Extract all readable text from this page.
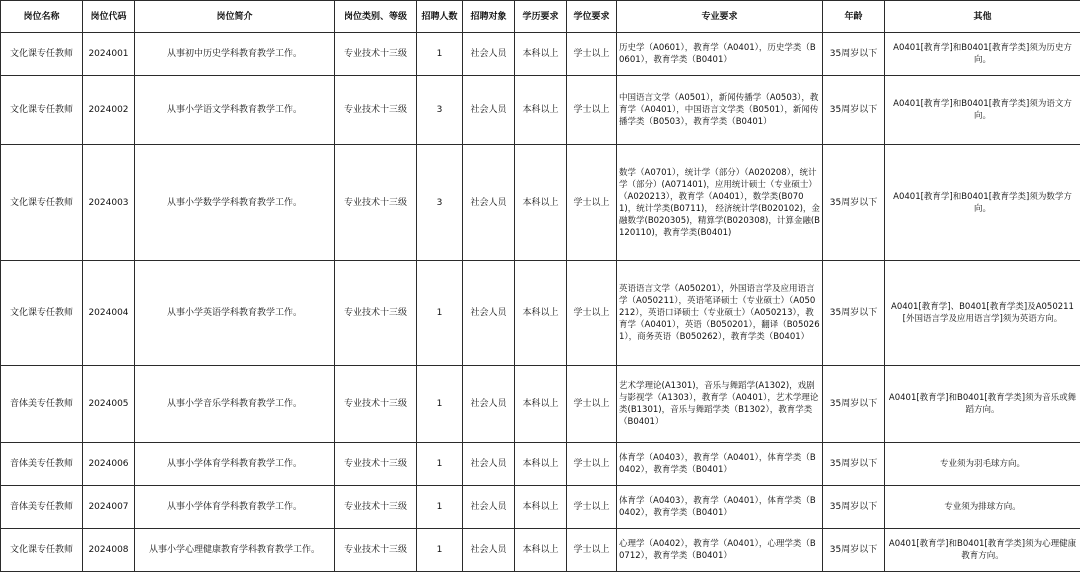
岗位名称	岗位代码	岗位简介	岗位类别、等级	招聘人数	招聘对象	学历要求	学位要求	专业要求	年龄	其他
文化课专任教师	2024001	从事初中历史学科教育教学工作。	专业技术十三级	1	社会人员	本科以上	学士以上	历史学（A0601），教育学（A0401），历史学类（B0601），教育学类（B0401）	35周岁以下	A0401[教育学]和B0401[教育学类]须为历史方向。
文化课专任教师	2024002	从事小学语文学科教育教学工作。	专业技术十三级	3	社会人员	本科以上	学士以上	中国语言文学（A0501），新闻传播学（A0503），教育学（A0401），中国语言文学类（B0501），新闻传播学类（B0503），教育学类（B0401）	35周岁以下	A0401[教育学]和B0401[教育学类]须为语文方向。
文化课专任教师	2024003	从事小学数学学科教育教学工作。	专业技术十三级	3	社会人员	本科以上	学士以上	数学（A0701），统计学（部分）（A020208），统计学（部分）(A071401)，应用统计硕士（专业硕士）（A020213），教育学（A0401），数学类(B0701)，统计学类(B0711)， 经济统计学(B020102)，金融数学(B020305)，精算学(B020308)，计算金融(B120110)，教育学类(B0401)	35周岁以下	A0401[教育学]和B0401[教育学类]须为数学方向。
文化课专任教师	2024004	从事小学英语学科教育教学工作。	专业技术十三级	1	社会人员	本科以上	学士以上	英语语言文学（A050201），外国语言学及应用语言学（A050211），英语笔译硕士（专业硕士）（A050212），英语口译硕士（专业硕士）（A050213），教育学（A0401），英语（B050201），翻译（B050261），商务英语（B050262），教育学类（B0401）	35周岁以下	A0401[教育学]、B0401[教育学类]及A050211[外国语言学及应用语言学]须为英语方向。
音体美专任教师	2024005	从事小学音乐学科教育教学工作。	专业技术十三级	1	社会人员	本科以上	学士以上	艺术学理论(A1301)，音乐与舞蹈学(A1302)，戏剧与影视学（A1303），教育学（A0401），艺术学理论类(B1301)，音乐与舞蹈学类（B1302），教育学类（B0401）	35周岁以下	A0401[教育学]和B0401[教育学类]须为音乐或舞蹈方向。
音体美专任教师	2024006	从事小学体育学科教育教学工作。	专业技术十三级	1	社会人员	本科以上	学士以上	体育学（A0403），教育学（A0401），体育学类（B0402），教育学类（B0401）	35周岁以下	专业须为羽毛球方向。
音体美专任教师	2024007	从事小学体育学科教育教学工作。	专业技术十三级	1	社会人员	本科以上	学士以上	体育学（A0403），教育学（A0401），体育学类（B0402），教育学类（B0401）	35周岁以下	专业须为排球方向。
文化课专任教师	2024008	从事小学心理健康教育学科教育教学工作。	专业技术十三级	1	社会人员	本科以上	学士以上	心理学（A0402），教育学（A0401），心理学类（B0712），教育学类（B0401）	35周岁以下	A0401[教育学]和B0401[教育学类]须为心理健康教育方向。
